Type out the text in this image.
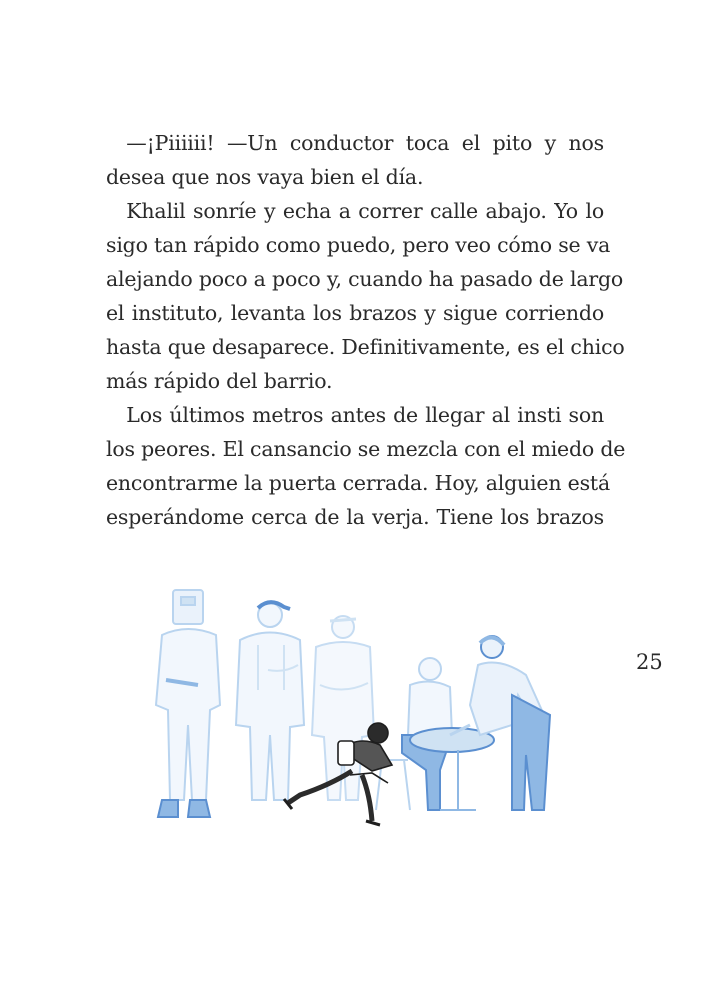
 —¡Piiiiii! —Un conductor toca el pito y nos
desea que nos vaya bien el día.
 Khalil sonríe y echa a correr calle abajo. Yo lo
sigo tan rápido como puedo, pero veo cómo se va
alejando poco a poco y, cuando ha pasado de largo
el instituto, levanta los brazos y sigue corriendo
hasta que desaparece. Definitivamente, es el chico
más rápido del barrio.
 Los últimos metros antes de llegar al insti son
los peores. El cansancio se mezcla con el miedo de
encontrarme la puerta cerrada. Hoy, alguien está
esperándome cerca de la verja. Tiene los brazos
25
